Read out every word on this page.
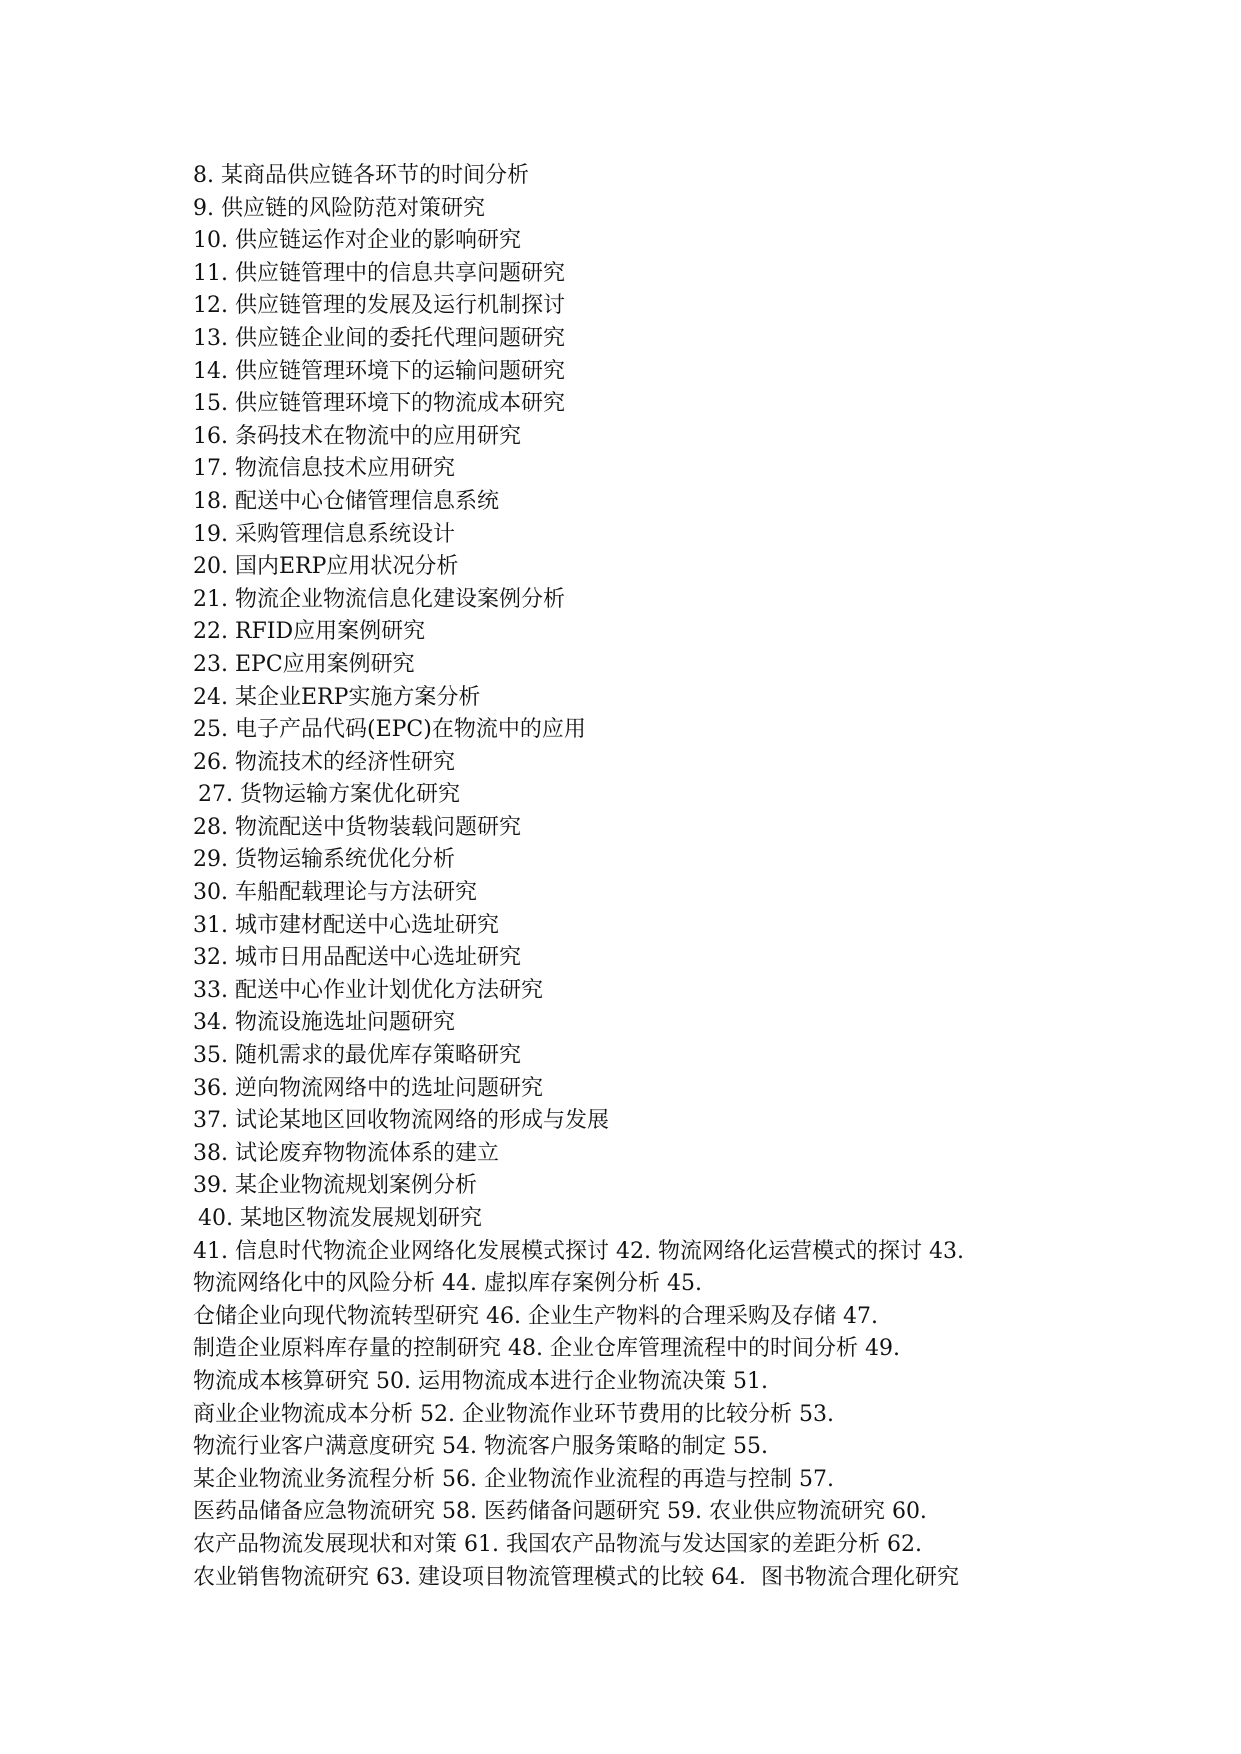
8. 某商品供应链各环节的时间分析
9. 供应链的风险防范对策研究
10. 供应链运作对企业的影响研究
11. 供应链管理中的信息共享问题研究
12. 供应链管理的发展及运行机制探讨
13. 供应链企业间的委托代理问题研究
14. 供应链管理环境下的运输问题研究
15. 供应链管理环境下的物流成本研究
16. 条码技术在物流中的应用研究
17. 物流信息技术应用研究
18. 配送中心仓储管理信息系统
19. 采购管理信息系统设计
20. 国内ERP应用状况分析
21. 物流企业物流信息化建设案例分析
22. RFID应用案例研究
23. EPC应用案例研究
24. 某企业ERP实施方案分析
25. 电子产品代码(EPC)在物流中的应用
26. 物流技术的经济性研究
27. 货物运输方案优化研究
28. 物流配送中货物装载问题研究
29. 货物运输系统优化分析
30. 车船配载理论与方法研究
31. 城市建材配送中心选址研究
32. 城市日用品配送中心选址研究
33. 配送中心作业计划优化方法研究
34. 物流设施选址问题研究
35. 随机需求的最优库存策略研究
36. 逆向物流网络中的选址问题研究
37. 试论某地区回收物流网络的形成与发展
38. 试论废弃物物流体系的建立
39. 某企业物流规划案例分析
40. 某地区物流发展规划研究
41. 信息时代物流企业网络化发展模式探讨 42. 物流网络化运营模式的探讨 43.
物流网络化中的风险分析 44. 虚拟库存案例分析 45.
仓储企业向现代物流转型研究 46. 企业生产物料的合理采购及存储 47.
制造企业原料库存量的控制研究 48. 企业仓库管理流程中的时间分析 49.
物流成本核算研究 50. 运用物流成本进行企业物流决策 51.
商业企业物流成本分析 52. 企业物流作业环节费用的比较分析 53.
物流行业客户满意度研究 54. 物流客户服务策略的制定 55.
某企业物流业务流程分析 56. 企业物流作业流程的再造与控制 57.
医药品储备应急物流研究 58. 医药储备问题研究 59. 农业供应物流研究 60.
农产品物流发展现状和对策 61. 我国农产品物流与发达国家的差距分析 62.
农业销售物流研究 63. 建设项目物流管理模式的比较 64．图书物流合理化研究
